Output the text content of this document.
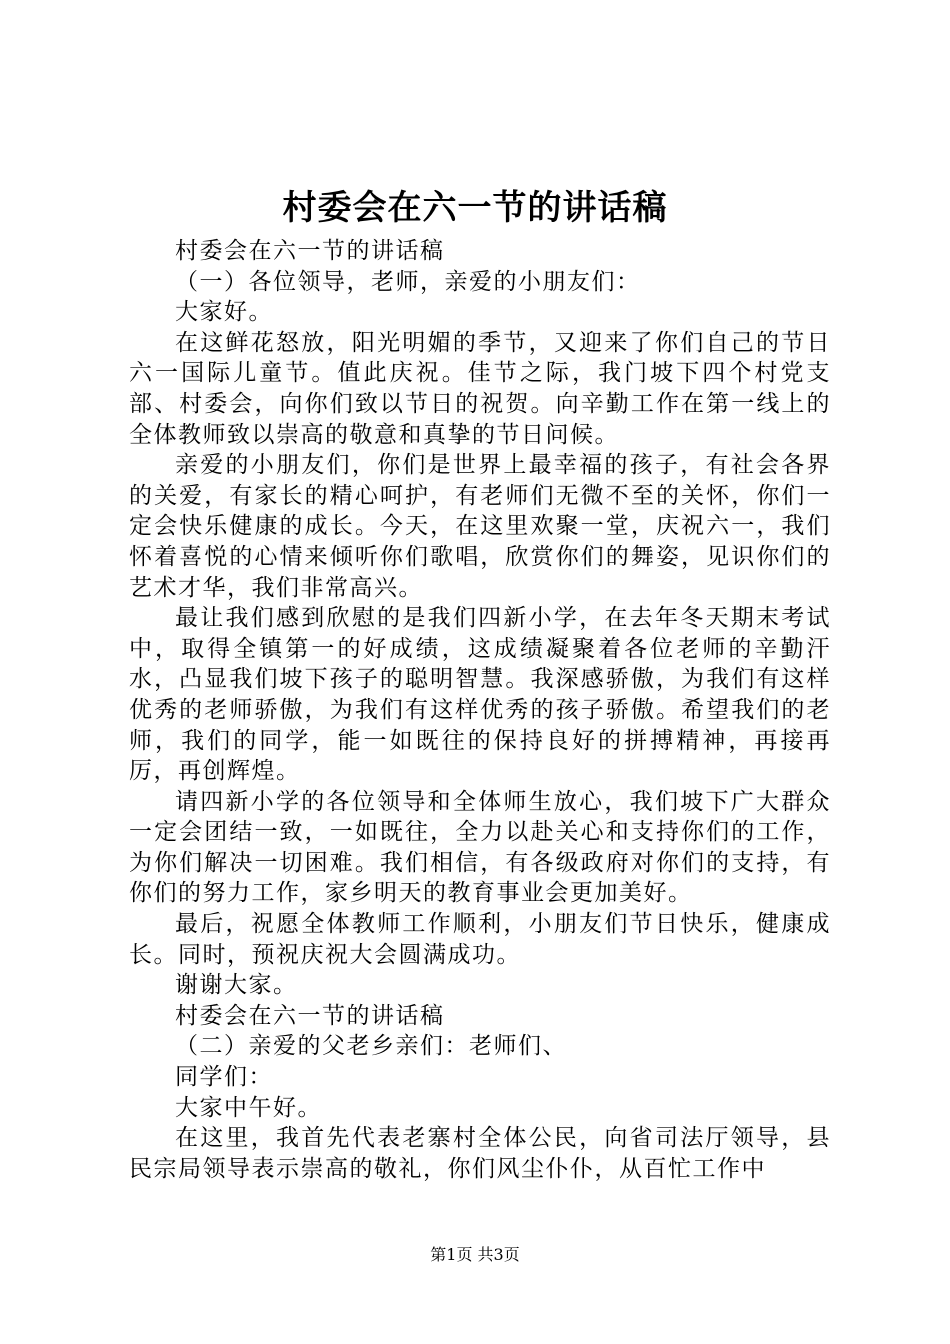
村委会在六一节的讲话稿

村委会在六一节的讲话稿

（一）各位领导，老师，亲爱的小朋友们：

大家好。

在这鲜花怒放，阳光明媚的季节，又迎来了你们自己的节日六一国际儿童节。值此庆祝。佳节之际，我门坡下四个村党支部、村委会，向你们致以节日的祝贺。向辛勤工作在第一线上的全体教师致以崇高的敬意和真挚的节日问候。

亲爱的小朋友们，你们是世界上最幸福的孩子，有社会各界的关爱，有家长的精心呵护，有老师们无微不至的关怀，你们一定会快乐健康的成长。今天，在这里欢聚一堂，庆祝六一，我们怀着喜悦的心情来倾听你们歌唱，欣赏你们的舞姿，见识你们的艺术才华，我们非常高兴。

最让我们感到欣慰的是我们四新小学，在去年冬天期末考试中，取得全镇第一的好成绩，这成绩凝聚着各位老师的辛勤汗水，凸显我们坡下孩子的聪明智慧。我深感骄傲，为我们有这样优秀的老师骄傲，为我们有这样优秀的孩子骄傲。希望我们的老师，我们的同学，能一如既往的保持良好的拼搏精神，再接再厉，再创辉煌。

请四新小学的各位领导和全体师生放心，我们坡下广大群众一定会团结一致，一如既往，全力以赴关心和支持你们的工作，为你们解决一切困难。我们相信，有各级政府对你们的支持，有你们的努力工作，家乡明天的教育事业会更加美好。

最后，祝愿全体教师工作顺利，小朋友们节日快乐，健康成长。同时，预祝庆祝大会圆满成功。

谢谢大家。

村委会在六一节的讲话稿

（二）亲爱的父老乡亲们：老师们、

同学们：

大家中午好。

在这里，我首先代表老寨村全体公民，向省司法厅领导，县民宗局领导表示崇高的敬礼，你们风尘仆仆，从百忙工作中

第1页 共3页
